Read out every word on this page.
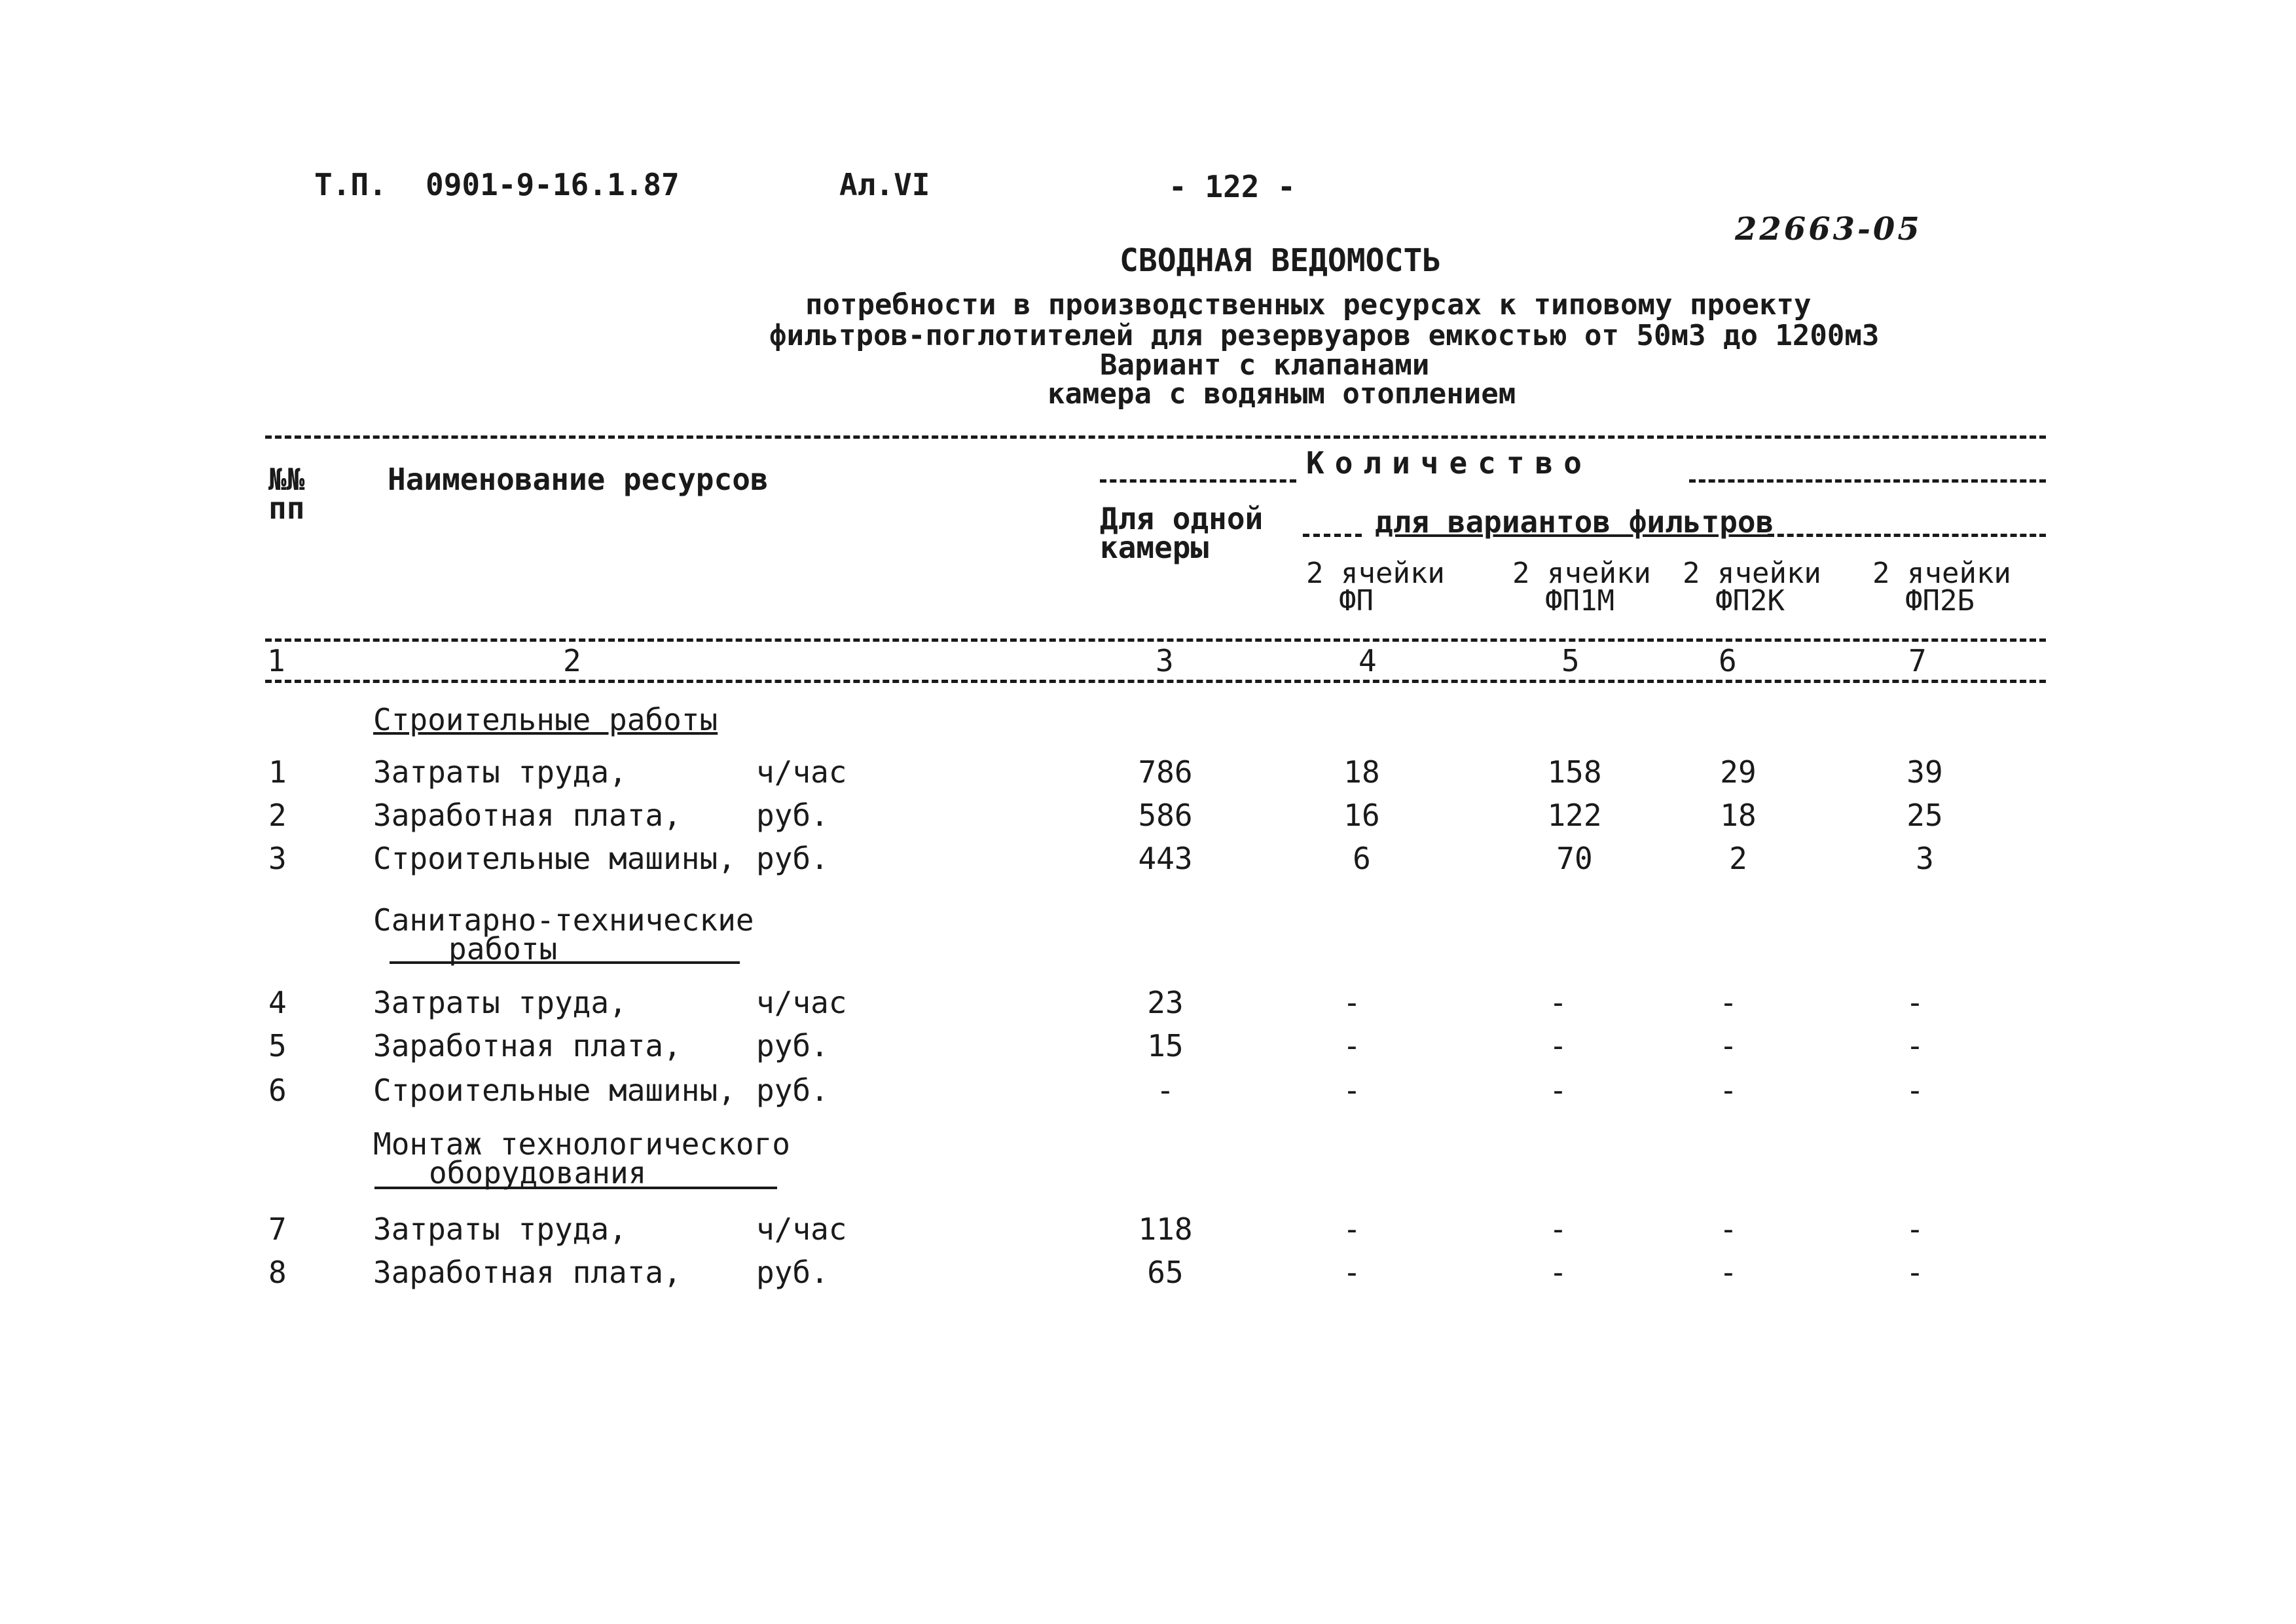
Т.П. 0901-9-16.1.87	Ал.VI	- 122 -
22663-05
СВОДНАЯ ВЕДОМОСТЬ
потребности в производственных ресурсах к типовому проекту
фильтров-поглотителей для резервуаров емкостью от 50м3 до 1200м3
Вариант с клапанами
камера с водяным отоплением
№№ пп
Наименование ресурсов	Количество
Для одной камеры
для вариантов фильтров
2 ячейки
ФП
2 ячейки
ФП1М
2 ячейки
ФП2К
2 ячейки
ФП2Б
1	2	3	4	5	6	7
Строительные работы
1	Затраты труда,	ч/час	786	18	158	29	39
2	Заработная плата, руб.	586	16	122	18	25
3	Строительные машины, руб.	443	6	70	2	3
Санитарно-технические
работы
4	Затраты труда,	ч/час	23	-	-	-	-
5	Заработная плата, руб.	15	-	-	-	-
6	Строительные машины, руб.	-	-	-	-	-
Монтаж технологического
оборудования
7	Затраты труда,	ч/час	118	-	-	-	-
8	Заработная плата, руб.	65	-	-	-	-
